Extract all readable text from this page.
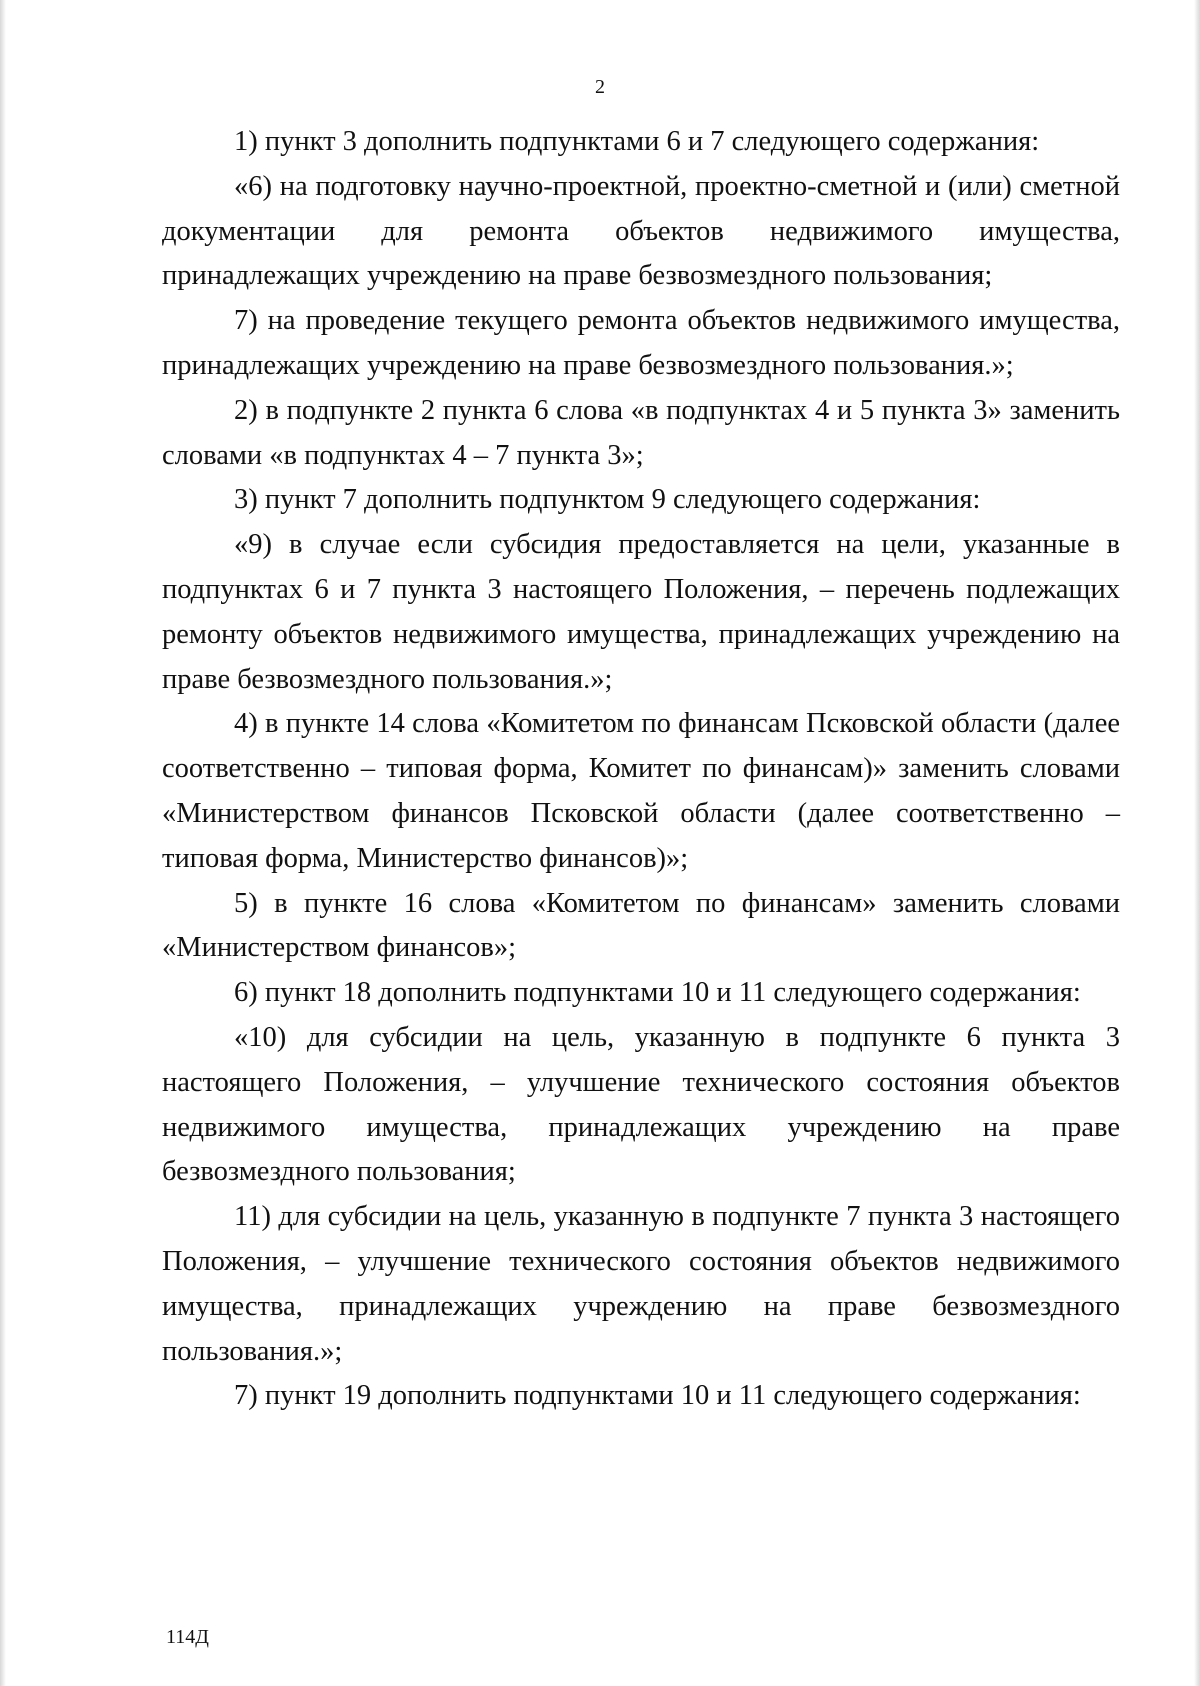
2

1) пункт 3 дополнить подпунктами 6 и 7 следующего содержания:

«6) на подготовку научно-проектной, проектно-сметной и (или) сметной документации для ремонта объектов недвижимого имущества, принадлежащих учреждению на праве безвозмездного пользования;

7) на проведение текущего ремонта объектов недвижимого имущества, принадлежащих учреждению на праве безвозмездного пользования.»;

2) в подпункте 2 пункта 6 слова «в подпунктах 4 и 5 пункта 3» заменить словами «в подпунктах 4 – 7 пункта 3»;

3) пункт 7 дополнить подпунктом 9 следующего содержания:

«9) в случае если субсидия предоставляется на цели, указанные в подпунктах 6 и 7 пункта 3 настоящего Положения, – перечень подлежащих ремонту объектов недвижимого имущества, принадлежащих учреждению на праве безвозмездного пользования.»;

4) в пункте 14 слова «Комитетом по финансам Псковской области (далее соответственно – типовая форма, Комитет по финансам)» заменить словами «Министерством финансов Псковской области (далее соответственно – типовая форма, Министерство финансов)»;

5) в пункте 16 слова «Комитетом по финансам» заменить словами «Министерством финансов»;

6) пункт 18 дополнить подпунктами 10 и 11 следующего содержания:

«10) для субсидии на цель, указанную в подпункте 6 пункта 3 настоящего Положения, – улучшение технического состояния объектов недвижимого имущества, принадлежащих учреждению на праве безвозмездного пользования;

11) для субсидии на цель, указанную в подпункте 7 пункта 3 настоящего Положения, – улучшение технического состояния объектов недвижимого имущества, принадлежащих учреждению на праве безвозмездного пользования.»;

7) пункт 19 дополнить подпунктами 10 и 11 следующего содержания:

114Д
